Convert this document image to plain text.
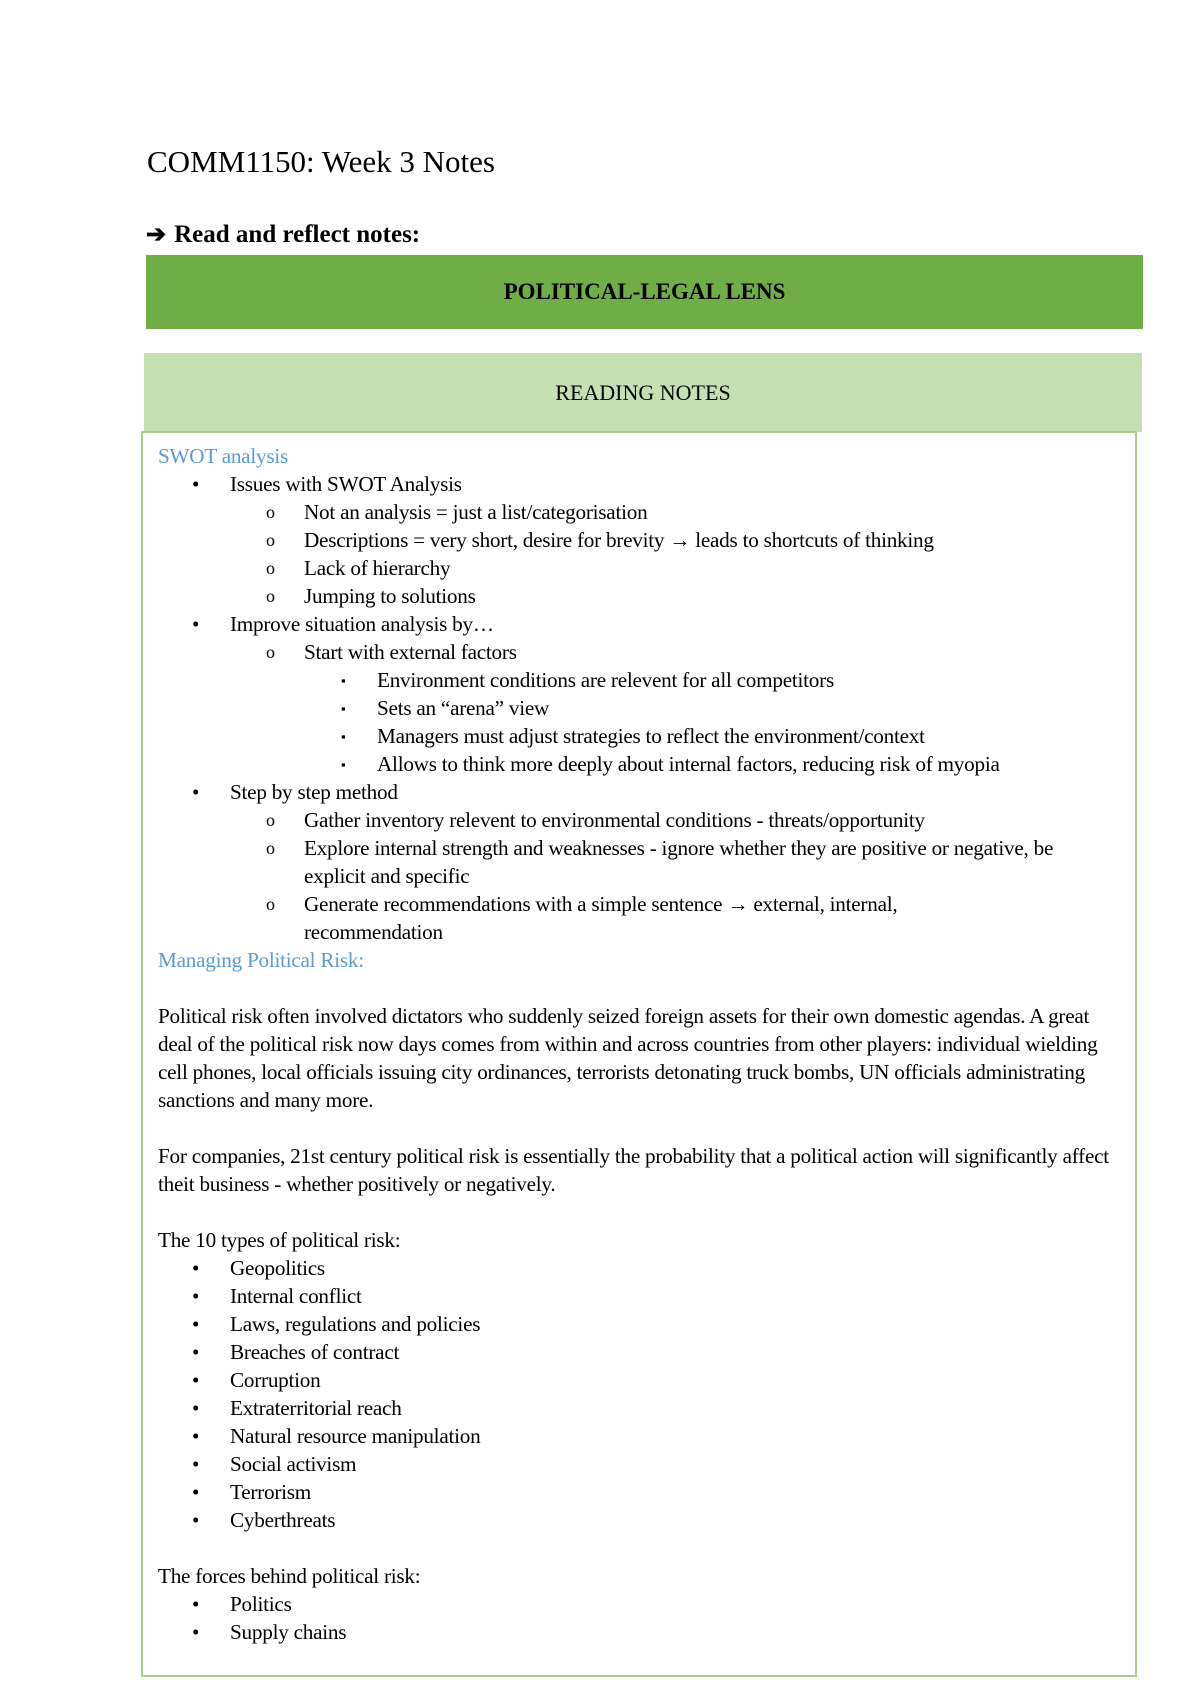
COMM1150: Week 3 Notes
➔ Read and reflect notes:
POLITICAL-LEGAL LENS
READING NOTES
SWOT analysis
• Issues with SWOT Analysis
o Not an analysis = just a list/categorisation
o Descriptions = very short, desire for brevity → leads to shortcuts of thinking
o Lack of hierarchy
o Jumping to solutions
• Improve situation analysis by…
o Start with external factors
▪ Environment conditions are relevent for all competitors
▪ Sets an “arena” view
▪ Managers must adjust strategies to reflect the environment/context
▪ Allows to think more deeply about internal factors, reducing risk of myopia
• Step by step method
o Gather inventory relevent to environmental conditions - threats/opportunity
o Explore internal strength and weaknesses - ignore whether they are positive or negative, be explicit and specific
o Generate recommendations with a simple sentence → external, internal, recommendation
Managing Political Risk:
Political risk often involved dictators who suddenly seized foreign assets for their own domestic agendas. A great deal of the political risk now days comes from within and across countries from other players: individual wielding cell phones, local officials issuing city ordinances, terrorists detonating truck bombs, UN officials administrating sanctions and many more.
For companies, 21st century political risk is essentially the probability that a political action will significantly affect theit business - whether positively or negatively.
The 10 types of political risk:
• Geopolitics
• Internal conflict
• Laws, regulations and policies
• Breaches of contract
• Corruption
• Extraterritorial reach
• Natural resource manipulation
• Social activism
• Terrorism
• Cyberthreats
The forces behind political risk:
• Politics
• Supply chains
